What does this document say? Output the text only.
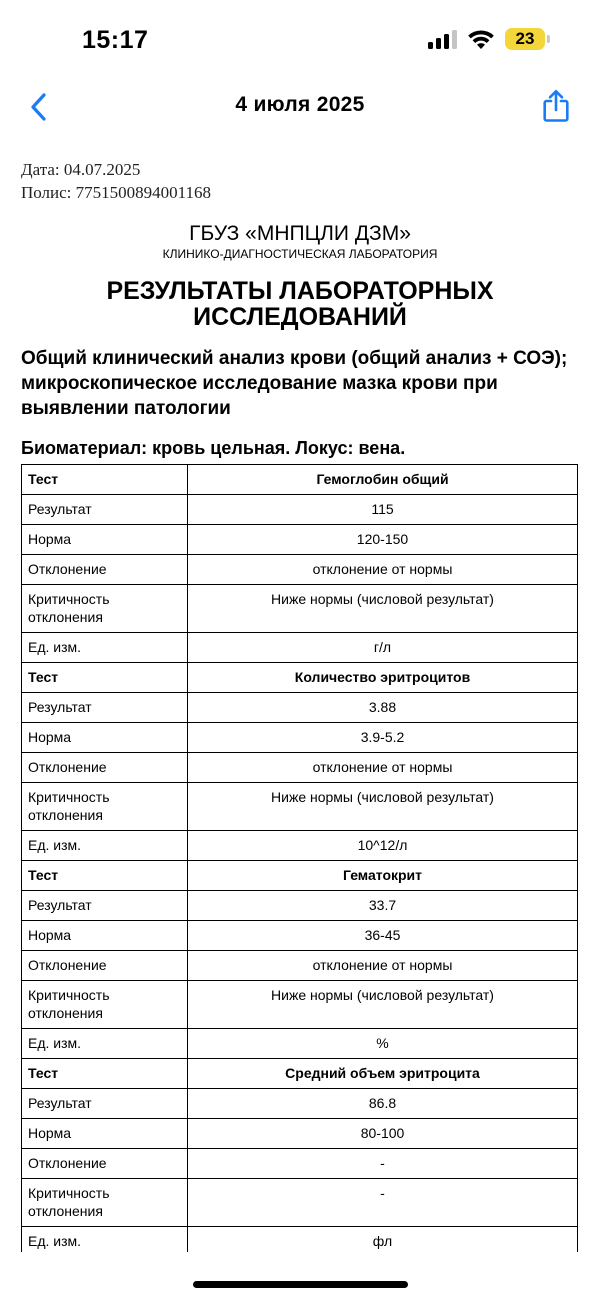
15:17	23
4 июля 2025
Дата: 04.07.2025
Полис: 7751500894001168
ГБУЗ «МНПЦЛИ ДЗМ»
КЛИНИКО-ДИАГНОСТИЧЕСКАЯ ЛАБОРАТОРИЯ
РЕЗУЛЬТАТЫ ЛАБОРАТОРНЫХ
ИССЛЕДОВАНИЙ
Общий клинический анализ крови (общий анализ + СОЭ); микроскопическое исследование мазка крови при выявлении патологии
Биоматериал: кровь цельная. Локус: вена.
Тест	Гемоглобин общий
Результат	115
Норма	120-150
Отклонение	отклонение от нормы
Критичность отклонения	Ниже нормы (числовой результат)
Ед. изм.	г/л
Тест	Количество эритроцитов
Результат	3.88
Норма	3.9-5.2
Отклонение	отклонение от нормы
Критичность отклонения	Ниже нормы (числовой результат)
Ед. изм.	10^12/л
Тест	Гематокрит
Результат	33.7
Норма	36-45
Отклонение	отклонение от нормы
Критичность отклонения	Ниже нормы (числовой результат)
Ед. изм.	%
Тест	Средний объем эритроцита
Результат	86.8
Норма	80-100
Отклонение	-
Критичность отклонения	-
Ед. изм.	фл
